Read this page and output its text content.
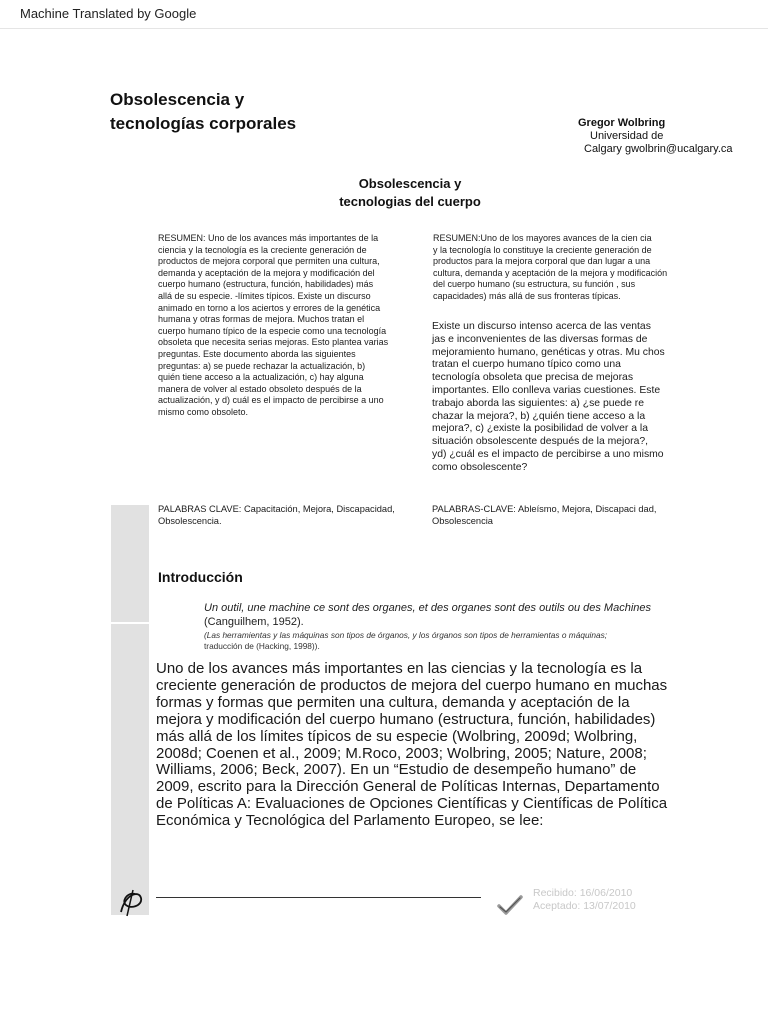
Machine Translated by Google
Obsolescencia y
tecnologías corporales	Gregor Wolbring
Universidad de
Calgary gwolbrin@ucalgary.ca
Obsolescencia y
tecnologias del cuerpo
RESUMEN: Uno de los avances más importantes de la
ciencia y la tecnología es la creciente generación de
productos de mejora corporal que permiten una cultura,
demanda y aceptación de la mejora y modificación del
cuerpo humano (estructura, función, habilidades) más
allá de su especie. -límites típicos. Existe un discurso
animado en torno a los aciertos y errores de la genética
humana y otras formas de mejora. Muchos tratan el
cuerpo humano típico de la especie como una tecnología
obsoleta que necesita serias mejoras. Esto plantea varias
preguntas. Este documento aborda las siguientes
preguntas: a) se puede rechazar la actualización, b)
quién tiene acceso a la actualización, c) hay alguna
manera de volver al estado obsoleto después de la
actualización, y d) cuál es el impacto de percibirse a uno
mismo como obsoleto.
RESUMEN:Uno de los mayores avances de la cien cia
y la tecnología lo constituye la creciente generación de
productos para la mejora corporal que dan lugar a una
cultura, demanda y aceptación de la mejora y modificación
del cuerpo humano (su estructura, su función , sus
capacidades) más allá de sus fronteras típicas.
Existe un discurso intenso acerca de las ventas
jas e inconvenientes de las diversas formas de
mejoramiento humano, genéticas y otras. Mu chos
tratan el cuerpo humano típico como una
tecnología obsoleta que precisa de mejoras
importantes. Ello conlleva varias cuestiones. Este
trabajo aborda las siguientes: a) ¿se puede re
chazar la mejora?, b) ¿quién tiene acceso a la
mejora?, c) ¿existe la posibilidad de volver a la
situación obsolescente después de la mejora?,
yd) ¿cuál es el impacto de percibirse a uno mismo
como obsolescente?
PALABRAS CLAVE: Capacitación, Mejora, Discapacidad,
Obsolescencia.
PALABRAS-CLAVE: Ableísmo, Mejora, Discapaci dad,
Obsolescencia
Introducción
Un outil, une machine ce sont des organes, et des organes sont des outils ou des Machines
(Canguilhem, 1952).
(Las herramientas y las máquinas son tipos de órganos, y los órganos son tipos de herramientas o máquinas;
traducción de (Hacking, 1998)).
Uno de los avances más importantes en las ciencias y la tecnología es la
creciente generación de productos de mejora del cuerpo humano en muchas
formas y formas que permiten una cultura, demanda y aceptación de la
mejora y modificación del cuerpo humano (estructura, función, habilidades)
más allá de los límites típicos de su especie (Wolbring, 2009d; Wolbring,
2008d; Coenen et al., 2009; M.Roco, 2003; Wolbring, 2005; Nature, 2008;
Williams, 2006; Beck, 2007). En un “Estudio de desempeño humano” de
2009, escrito para la Dirección General de Políticas Internas, Departamento
de Políticas A: Evaluaciones de Opciones Científicas y Científicas de Política
Económica y Tecnológica del Parlamento Europeo, se lee:
Recibido: 16/06/2010
Aceptado: 13/07/2010
